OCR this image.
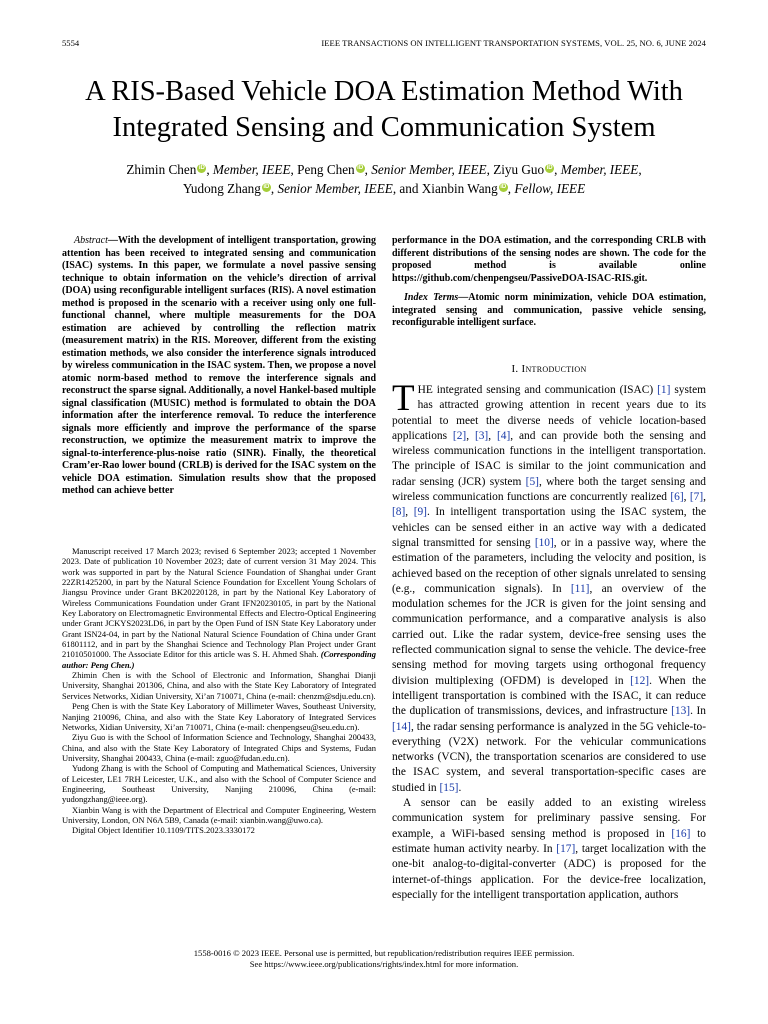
5554	IEEE TRANSACTIONS ON INTELLIGENT TRANSPORTATION SYSTEMS, VOL. 25, NO. 6, JUNE 2024
A RIS-Based Vehicle DOA Estimation Method With
Integrated Sensing and Communication System
Zhimin Chen iD , Member, IEEE, Peng Chen iD , Senior Member, IEEE, Ziyu Guo iD , Member, IEEE,
Yudong Zhang iD , Senior Member, IEEE, and Xianbin Wang iD , Fellow, IEEE

Abstract—With the development of intelligent transportation, growing attention has been received to integrated sensing and communication (ISAC) systems. In this paper, we formulate a novel passive sensing technique to obtain information on the vehicle’s direction of arrival (DOA) using reconfigurable intelligent surfaces (RIS). A novel estimation method is proposed in the scenario with a receiver using only one full-functional channel, where multiple measurements for the DOA estimation are achieved by controlling the reflection matrix (measurement matrix) in the RIS. Moreover, different from the existing estimation methods, we also consider the interference signals introduced by wireless communication in the ISAC system. Then, we propose a novel atomic norm-based method to remove the interference signals and reconstruct the sparse signal. Additionally, a novel Hankel-based multiple signal classification (MUSIC) method is formulated to obtain the DOA information after the interference removal. To reduce the interference signals more efficiently and improve the performance of the sparse reconstruction, we optimize the measurement matrix to improve the signal-to-interference-plus-noise ratio (SINR). Finally, the theoretical Cram’er-Rao lower bound (CRLB) is derived for the ISAC system on the vehicle DOA estimation. Simulation results show that the proposed method can achieve better

Manuscript received 17 March 2023; revised 6 September 2023; accepted 1 November 2023. Date of publication 10 November 2023; date of current version 31 May 2024. This work was supported in part by the Natural Science Foundation of Shanghai under Grant 22ZR1425200, in part by the Natural Science Foundation for Excellent Young Scholars of Jiangsu Province under Grant BK20220128, in part by the National Key Laboratory of Wireless Communications Foundation under Grant IFN20230105, in part by the National Key Laboratory on Electromagnetic Environmental Effects and Electro-Optical Engineering under Grant JCKYS2023LD6, in part by the Open Fund of ISN State Key Laboratory under Grant ISN24-04, in part by the National Natural Science Foundation of China under Grant 61801112, and in part by the Shanghai Science and Technology Plan Project under Grant 21010501000. The Associate Editor for this article was S. H. Ahmed Shah. (Corresponding author: Peng Chen.)

Zhimin Chen is with the School of Electronic and Information, Shanghai Dianji University, Shanghai 201306, China, and also with the State Key Laboratory of Integrated Services Networks, Xidian University, Xi’an 710071, China (e-mail: chenzm@sdju.edu.cn).

Peng Chen is with the State Key Laboratory of Millimeter Waves, Southeast University, Nanjing 210096, China, and also with the State Key Laboratory of Integrated Services Networks, Xidian University, Xi’an 710071, China (e-mail: chenpengseu@seu.edu.cn).

Ziyu Guo is with the School of Information Science and Technology, Shanghai 200433, China, and also with the State Key Laboratory of Integrated Chips and Systems, Fudan University, Shanghai 200433, China (e-mail: zguo@fudan.edu.cn).

Yudong Zhang is with the School of Computing and Mathematical Sciences, University of Leicester, LE1 7RH Leicester, U.K., and also with the School of Computer Science and Engineering, Southeast University, Nanjing 210096, China (e-mail: yudongzhang@ieee.org).

Xianbin Wang is with the Department of Electrical and Computer Engineering, Western University, London, ON N6A 5B9, Canada (e-mail: xianbin.wang@uwo.ca).

Digital Object Identifier 10.1109/TITS.2023.3330172

performance in the DOA estimation, and the corresponding CRLB with different distributions of the sensing nodes are shown. The code for the proposed method is available online https://github.com/chenpengseu/PassiveDOA-ISAC-RIS.git.

Index Terms—Atomic norm minimization, vehicle DOA estimation, integrated sensing and communication, passive vehicle sensing, reconfigurable intelligent surface.

I. Introduction

THE integrated sensing and communication (ISAC) [1] system has attracted growing attention in recent years due to its potential to meet the diverse needs of vehicle location-based applications [2], [3], [4], and can provide both the sensing and wireless communication functions in the intelligent transportation. The principle of ISAC is similar to the joint communication and radar sensing (JCR) system [5], where both the target sensing and wireless communication functions are concurrently realized [6], [7], [8], [9]. In intelligent transportation using the ISAC system, the vehicles can be sensed either in an active way with a dedicated signal transmitted for sensing [10], or in a passive way, where the estimation of the parameters, including the velocity and position, is achieved based on the reception of other signals unrelated to sensing (e.g., communication signals). In [11], an overview of the modulation schemes for the JCR is given for the joint sensing and communication performance, and a comparative analysis is also carried out. Like the radar system, device-free sensing uses the reflected communication signal to sense the vehicle. The device-free sensing method for moving targets using orthogonal frequency division multiplexing (OFDM) is developed in [12]. When the intelligent transportation is combined with the ISAC, it can reduce the duplication of transmissions, devices, and infrastructure [13]. In [14], the radar sensing performance is analyzed in the 5G vehicle-to-everything (V2X) network. For the vehicular communications networks (VCN), the transportation scenarios are considered to use the ISAC system, and several transportation-specific cases are studied in [15].

A sensor can be easily added to an existing wireless communication system for preliminary passive sensing. For example, a WiFi-based sensing method is proposed in [16] to estimate human activity nearby. In [17], target localization with the one-bit analog-to-digital-converter (ADC) is proposed for the internet-of-things application. For the device-free localization, especially for the intelligent transportation application, authors

1558-0016 © 2023 IEEE. Personal use is permitted, but republication/redistribution requires IEEE permission.
See https://www.ieee.org/publications/rights/index.html for more information.
